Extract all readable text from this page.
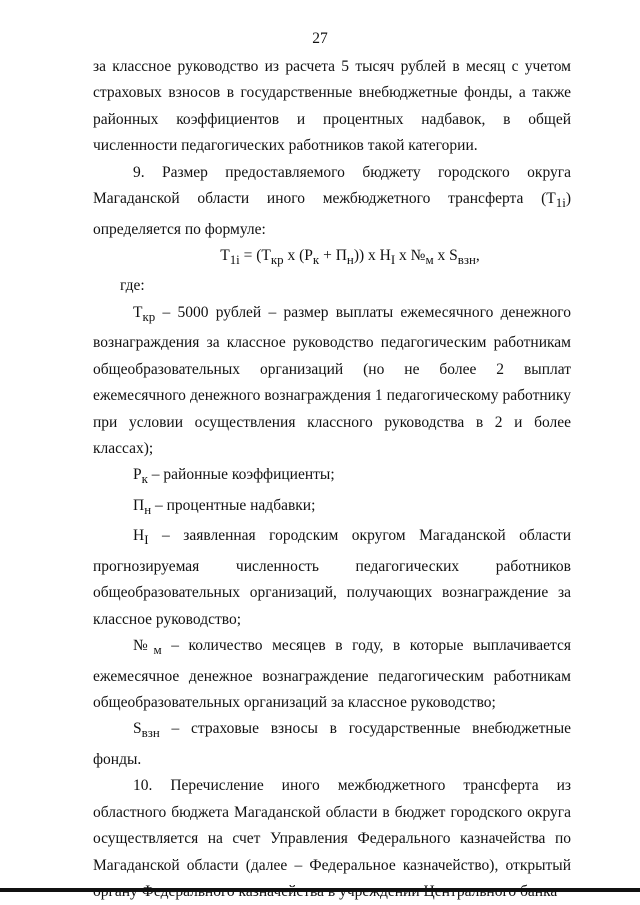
27

за классное руководство из расчета 5 тысяч рублей в месяц с учетом страховых взносов в государственные внебюджетные фонды, а также районных коэффициентов и процентных надбавок, в общей численности педагогических работников такой категории.

9. Размер предоставляемого бюджету городского округа Магаданской области иного межбюджетного трансферта $(T_{1i})$ определяется по формуле:

$T_{1i} = (T_{кр}$ x $(P_к + П_н)$) x $H_I$ x $№_м$ x $S_{взн}$,

где:

$T_{кр} - 5000$ рублей – размер выплаты ежемесячного денежного вознаграждения за классное руководство педагогическим работникам общеобразовательных организаций (но не более 2 выплат ежемесячного денежного вознаграждения 1 педагогическому работнику при условии осуществления классного руководства в 2 и более классах);

$P_к$ – районные коэффициенты;

$П_н$ – процентные надбавки;

$H_I$ – заявленная городским округом Магаданской области прогнозируемая численность педагогических работников общеобразовательных организаций, получающих вознаграждение за классное руководство;

$№_м$ – количество месяцев в году, в которые выплачивается ежемесячное денежное вознаграждение педагогическим работникам общеобразовательных организаций за классное руководство;

$S_{взн}$ – страховые взносы в государственные внебюджетные фонды.

10. Перечисление иного межбюджетного трансферта из областного бюджета Магаданской области в бюджет городского округа осуществляется на счет Управления Федерального казначейства по Магаданской области (далее – Федеральное казначейство), открытый
